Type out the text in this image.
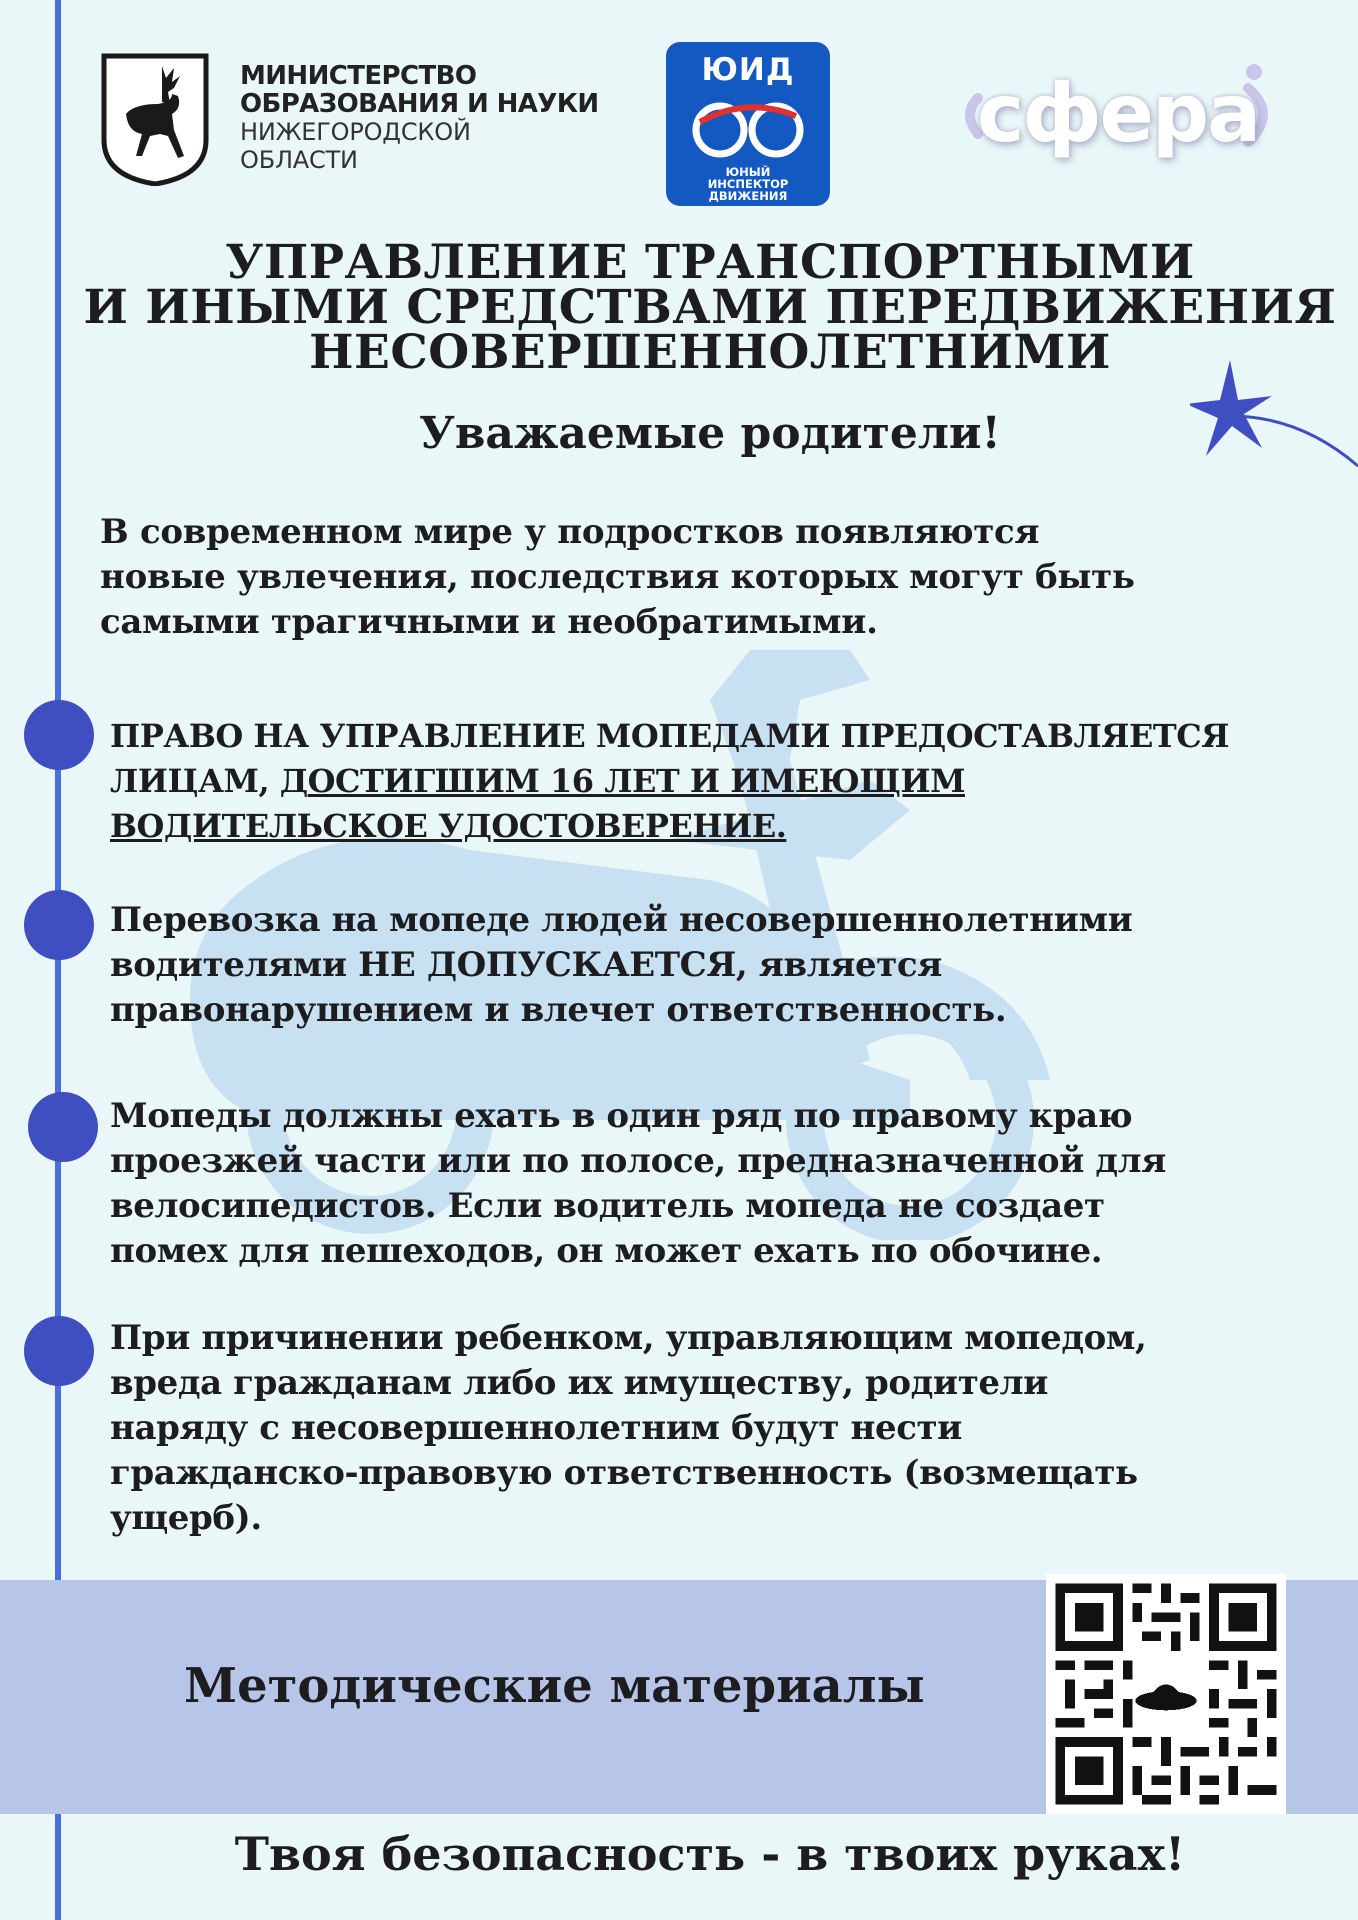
МИНИСТЕРСТВО
ОБРАЗОВАНИЯ И НАУКИ
НИЖЕГОРОДСКОЙ
ОБЛАСТИ
ЮИД
ЮНЫЙ
ИНСПЕКТОР
ДВИЖЕНИЯ
сфера
УПРАВЛЕНИЕ ТРАНСПОРТНЫМИ
И ИНЫМИ СРЕДСТВАМИ ПЕРЕДВИЖЕНИЯ
НЕСОВЕРШЕННОЛЕТНИМИ
Уважаемые родители!
В современном мире у подростков появляются
новые увлечения, последствия которых могут быть
самыми трагичными и необратимыми.
ПРАВО НА УПРАВЛЕНИЕ МОПЕДАМИ ПРЕДОСТАВЛЯЕТСЯ
ЛИЦАМ, ДОСТИГШИМ 16 ЛЕТ И ИМЕЮЩИМ
ВОДИТЕЛЬСКОЕ УДОСТОВЕРЕНИЕ.
Перевозка на мопеде людей несовершеннолетними
водителями НЕ ДОПУСКАЕТСЯ, является
правонарушением и влечет ответственность.
Мопеды должны ехать в один ряд по правому краю
проезжей части или по полосе, предназначенной для
велосипедистов. Если водитель мопеда не создает
помех для пешеходов, он может ехать по обочине.
При причинении ребенком, управляющим мопедом,
вреда гражданам либо их имуществу, родители
наряду с несовершеннолетним будут нести
гражданско-правовую ответственность (возмещать
ущерб).
Методические материалы
Твоя безопасность - в твоих руках!
